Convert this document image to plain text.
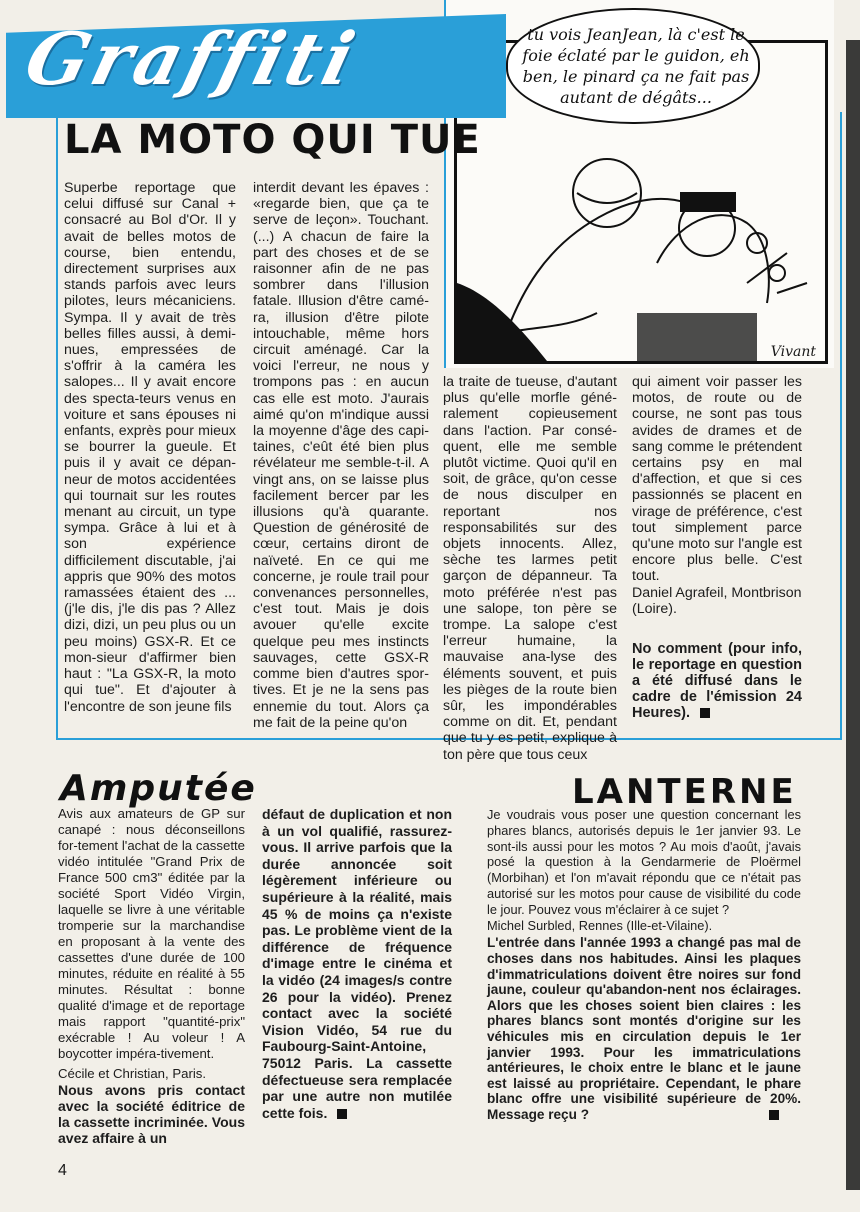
Graffiti
LA MOTO QUI TUE
tu vois JeanJean, là c'est le foie éclaté par le guidon, eh ben, le pinard ça ne fait pas autant de dégâts...
Vivant

Superbe reportage que celui diffusé sur Canal + consacré au Bol d'Or. Il y avait de belles motos de course, bien entendu, directement surprises aux stands parfois avec leurs pilotes, leurs mécaniciens. Sympa. Il y avait de très belles filles aussi, à demi-nues, empressées de s'offrir à la caméra les salopes... Il y avait encore des specta-teurs venus en voiture et sans épouses ni enfants, exprès pour mieux se bourrer la gueule. Et puis il y avait ce dépan-neur de motos accidentées qui tournait sur les routes menant au circuit, un type sympa. Grâce à lui et à son expérience difficilement discutable, j'ai appris que 90% des motos ramassées étaient des ... (j'le dis, j'le dis pas ? Allez dizi, dizi, un peu plus ou un peu moins) GSX-R. Et ce mon-sieur d'affirmer bien haut : "La GSX-R, la moto qui tue". Et d'ajouter à l'encontre de son jeune fils

interdit devant les épaves : «regarde bien, que ça te serve de leçon». Touchant. (...) A chacun de faire la part des choses et de se raisonner afin de ne pas sombrer dans l'illusion fatale. Illusion d'être camé-ra, illusion d'être pilote intouchable, même hors circuit aménagé. Car la voici l'erreur, ne nous y trompons pas : en aucun cas elle est moto. J'aurais aimé qu'on m'indique aussi la moyenne d'âge des capi-taines, c'eût été bien plus révélateur me semble-t-il. A vingt ans, on se laisse plus facilement bercer par les illusions qu'à quarante. Question de générosité de cœur, certains diront de naïveté. En ce qui me concerne, je roule trail pour convenances personnelles, c'est tout. Mais je dois avouer qu'elle excite quelque peu mes instincts sauvages, cette GSX-R comme bien d'autres spor-tives. Et je ne la sens pas ennemie du tout. Alors ça me fait de la peine qu'on

la traite de tueuse, d'autant plus qu'elle morfle géné-ralement copieusement dans l'action. Par consé-quent, elle me semble plutôt victime. Quoi qu'il en soit, de grâce, qu'on cesse de nous disculper en reportant nos responsabilités sur des objets innocents. Allez, sèche tes larmes petit garçon de dépanneur. Ta moto préférée n'est pas une salope, ton père se trompe. La salope c'est l'erreur humaine, la mauvaise ana-lyse des éléments souvent, et puis les pièges de la route bien sûr, les impondérables comme on dit. Et, pendant que tu y es petit, explique à ton père que tous ceux

qui aiment voir passer les motos, de route ou de course, ne sont pas tous avides de drames et de sang comme le prétendent certains psy en mal d'affection, et que si ces passionnés se placent en virage de préférence, c'est tout simplement parce qu'une moto sur l'angle est encore plus belle. C'est tout.

Daniel Agrafeil, Montbrison (Loire).

No comment (pour info, le reportage en question a été diffusé dans le cadre de l'émission 24 Heures).

Amputée

Avis aux amateurs de GP sur canapé : nous déconseillons for-tement l'achat de la cassette vidéo intitulée "Grand Prix de France 500 cm3" éditée par la société Sport Vidéo Virgin, laquelle se livre à une véritable tromperie sur la marchandise en proposant à la vente des cassettes d'une durée de 100 minutes, réduite en réalité à 55 minutes. Résultat : bonne qualité d'image et de reportage mais rapport "quantité-prix" exécrable ! Au voleur ! A boycotter impéra-tivement.

Cécile et Christian, Paris.

Nous avons pris contact avec la société éditrice de la cassette incriminée. Vous avez affaire à un

défaut de duplication et non à un vol qualifié, rassurez-vous. Il arrive parfois que la durée annoncée soit légèrement inférieure ou supérieure à la réalité, mais 45 % de moins ça n'existe pas. Le problème vient de la différence de fréquence d'image entre le cinéma et la vidéo (24 images/s contre 26 pour la vidéo). Prenez contact avec la société Vision Vidéo, 54 rue du Faubourg-Saint-Antoine, 75012 Paris. La cassette défectueuse sera remplacée par une autre non mutilée cette fois.

LANTERNE

Je voudrais vous poser une question concernant les phares blancs, autorisés depuis le 1er janvier 93. Le sont-ils aussi pour les motos ? Au mois d'août, j'avais posé la question à la Gendarmerie de Ploërmel (Morbihan) et l'on m'avait répondu que ce n'était pas autorisé sur les motos pour cause de visibilité du code le jour. Pouvez vous m'éclairer à ce sujet ?

Michel Surbled, Rennes (Ille-et-Vilaine).

L'entrée dans l'année 1993 a changé pas mal de choses dans nos habitudes. Ainsi les plaques d'immatriculations doivent être noires sur fond jaune, couleur qu'abandon-nent nos éclairages. Alors que les choses soient bien claires : les phares blancs sont montés d'origine sur les véhicules mis en circulation depuis le 1er janvier 1993. Pour les immatriculations antérieures, le choix entre le blanc et le jaune est laissé au propriétaire. Cependant, le phare blanc offre une visibilité supérieure de 20%. Message reçu ?

4
